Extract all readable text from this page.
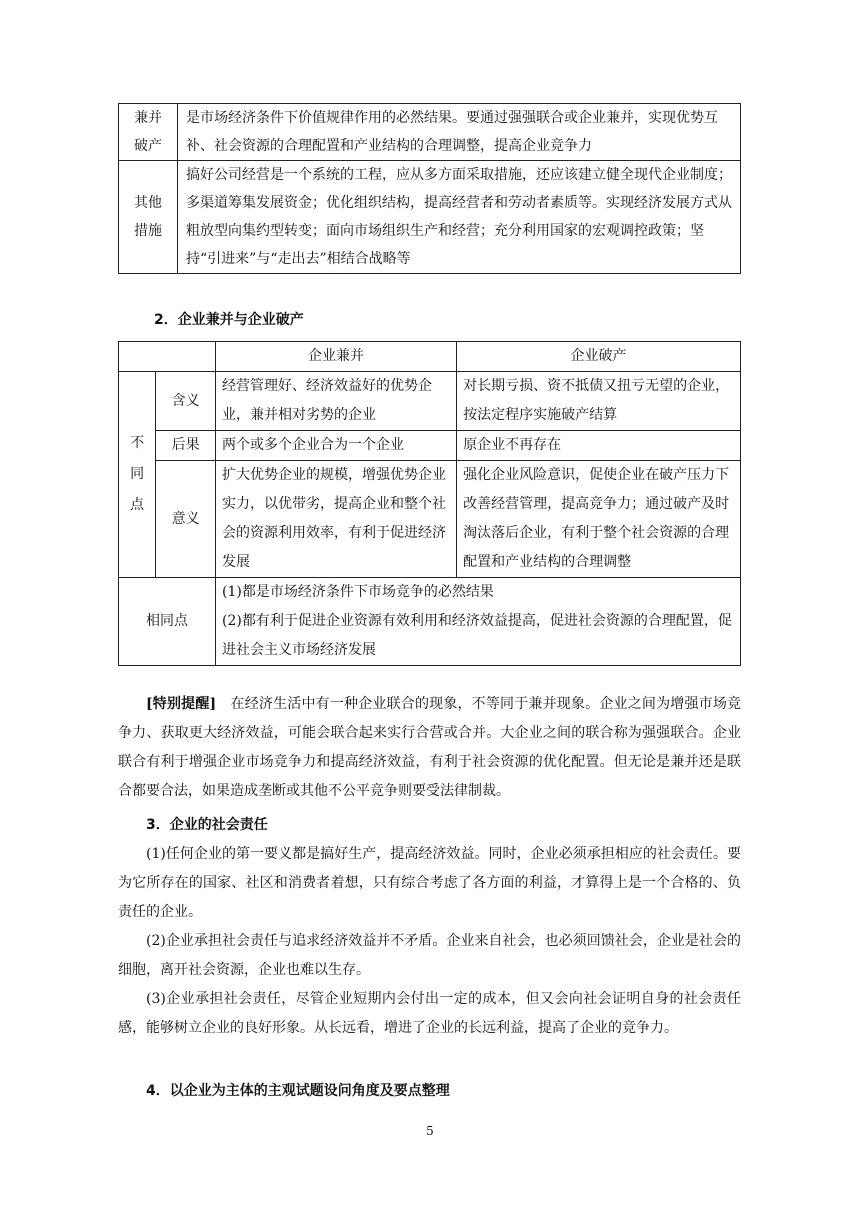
兼并	是市场经济条件下价值规律作用的必然结果。要通过强强联合或企业兼并，实现优势互补、社会资源的合理配置和产业结构的合理调整，提高企业竞争力
破产	

其他
措施	搞好公司经营是一个系统的工程，应从多方面采取措施，还应该建立健全现代企业制度；多渠道筹集发展资金；优化组织结构，提高经营者和劳动者素质等。实现经济发展方式从粗放型向集约型转变；面向市场组织生产和经营；充分利用国家的宏观调控政策；坚持“引进来”与“走出去”相结合战略等
2．企业兼并与企业破产
		企业兼并	企业破产

不
同
点	含义	经营管理好、经济效益好的优势企业，兼并相对劣势的企业	对长期亏损、资不抵债又扭亏无望的企业，按法定程序实施破产结算
	后果	两个或多个企业合为一个企业	原企业不再存在
	意义	扩大优势企业的规模，增强优势企业实力，以优带劣，提高企业和整个社会的资源利用效率，有利于促进经济发展	强化企业风险意识，促使企业在破产压力下改善经营管理，提高竞争力；通过破产及时淘汰落后企业，有利于整个社会资源的合理配置和产业结构的合理调整
相同点		(1)都是市场经济条件下市场竞争的必然结果
(2)都有利于促进企业资源有效利用和经济效益提高，促进社会资源的合理配置，促进社会主义市场经济发展	

[特别提醒]　 在经济生活中有一种企业联合的现象，不等同于兼并现象。企业之间为增强市场竞争力、获取更大经济效益，可能会联合起来实行合营或合并。大企业之间的联合称为强强联合。企业联合有利于增强企业市场竞争力和提高经济效益，有利于社会资源的优化配置。但无论是兼并还是联合都要合法，如果造成垄断或其他不公平竞争则要受法律制裁。

3．企业的社会责任

(1)任何企业的第一要义都是搞好生产，提高经济效益。同时，企业必须承担相应的社会责任。要为它所存在的国家、社区和消费者着想，只有综合考虑了各方面的利益，才算得上是一个合格的、负责任的企业。

(2)企业承担社会责任与追求经济效益并不矛盾。企业来自社会，也必须回馈社会，企业是社会的细胞，离开社会资源，企业也难以生存。

(3)企业承担社会责任，尽管企业短期内会付出一定的成本，但又会向社会证明自身的社会责任感，能够树立企业的良好形象。从长远看，增进了企业的长远利益，提高了企业的竞争力。

4．以企业为主体的主观试题设问角度及要点整理
5
